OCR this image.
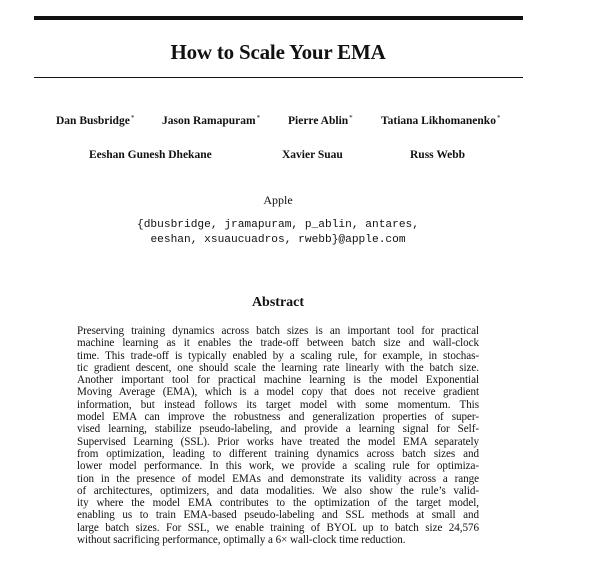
How to Scale Your EMA
Dan Busbridge* Jason Ramapuram* Pierre Ablin* Tatiana Likhomanenko*
Eeshan Gunesh Dhekane	Xavier Suau	Russ Webb
Apple
{dbusbridge, jramapuram, p_ablin, antares,
eeshan, xsuaucuadros, rwebb}@apple.com
Abstract
Preserving training dynamics across batch sizes is an important tool for practical
machine learning as it enables the trade-off between batch size and wall-clock
time. This trade-off is typically enabled by a scaling rule, for example, in stochas-
tic gradient descent, one should scale the learning rate linearly with the batch size.
Another important tool for practical machine learning is the model Exponential
Moving Average (EMA), which is a model copy that does not receive gradient
information, but instead follows its target model with some momentum. This
model EMA can improve the robustness and generalization properties of super-
vised learning, stabilize pseudo-labeling, and provide a learning signal for Self-
Supervised Learning (SSL). Prior works have treated the model EMA separately
from optimization, leading to different training dynamics across batch sizes and
lower model performance. In this work, we provide a scaling rule for optimiza-
tion in the presence of model EMAs and demonstrate its validity across a range
of architectures, optimizers, and data modalities. We also show the rule’s valid-
ity where the model EMA contributes to the optimization of the target model,
enabling us to train EMA-based pseudo-labeling and SSL methods at small and
large batch sizes. For SSL, we enable training of BYOL up to batch size 24,576
without sacrificing performance, optimally a 6× wall-clock time reduction.
